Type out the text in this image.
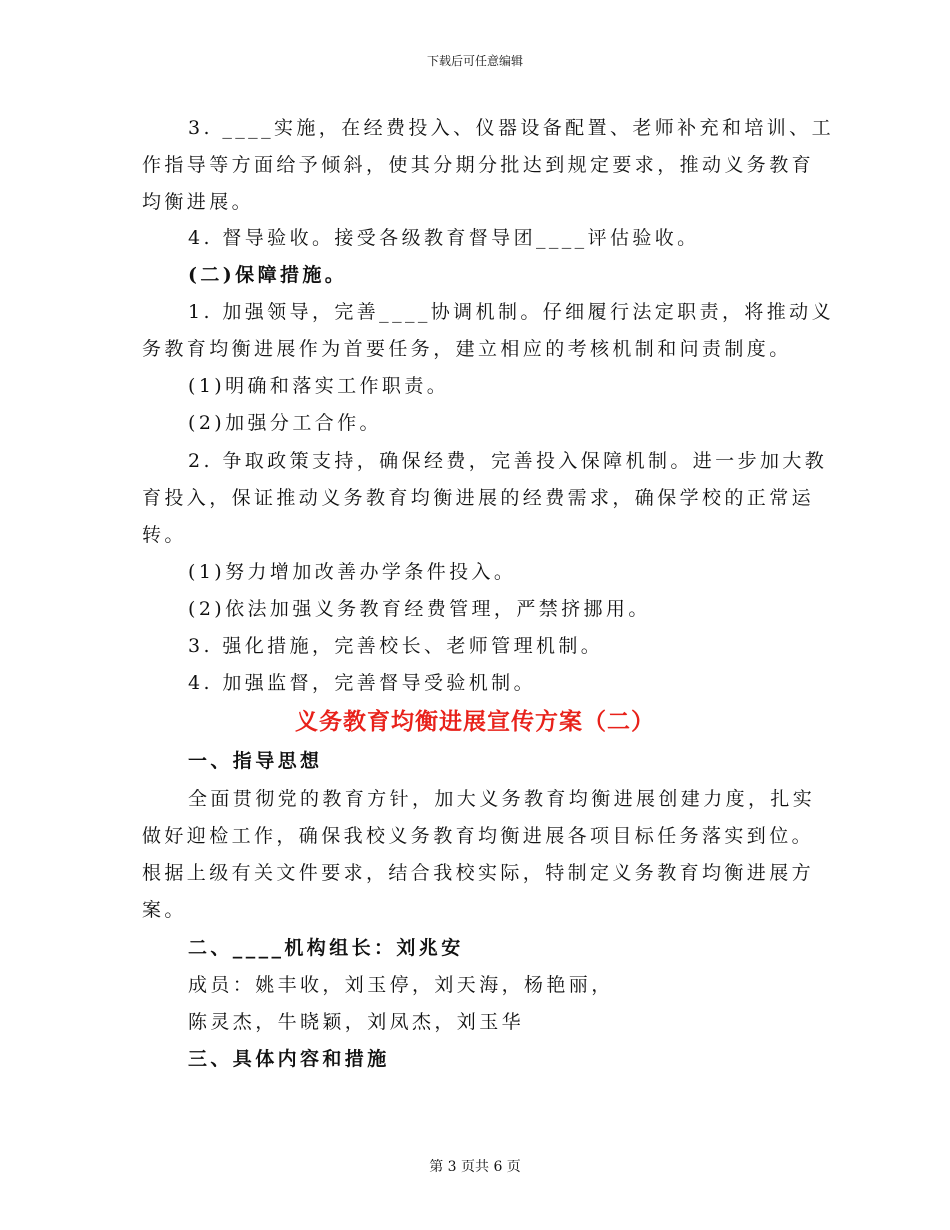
下载后可任意编辑
3. ____实施，在经费投入、仪器设备配置、老师补充和培训、工
作指导等方面给予倾斜，使其分期分批达到规定要求，推动义务教育
均衡进展。
4. 督导验收。接受各级教育督导团____评估验收。
(二)保障措施。
1. 加强领导，完善____协调机制。仔细履行法定职责，将推动义
务教育均衡进展作为首要任务，建立相应的考核机制和问责制度。
(1)明确和落实工作职责。
(2)加强分工合作。
2. 争取政策支持，确保经费，完善投入保障机制。进一步加大教
育投入，保证推动义务教育均衡进展的经费需求，确保学校的正常运
转。
(1)努力增加改善办学条件投入。
(2)依法加强义务教育经费管理，严禁挤挪用。
3. 强化措施，完善校长、老师管理机制。
4. 加强监督，完善督导受验机制。
义务教育均衡进展宣传方案（二）
一、指导思想
全面贯彻党的教育方针，加大义务教育均衡进展创建力度，扎实
做好迎检工作，确保我校义务教育均衡进展各项目标任务落实到位。
根据上级有关文件要求，结合我校实际，特制定义务教育均衡进展方
案。
二、____机构组长：刘兆安
成员：姚丰收，刘玉停，刘天海，杨艳丽，
陈灵杰，牛晓颖，刘凤杰，刘玉华
三、具体内容和措施
第 3 页共 6 页
